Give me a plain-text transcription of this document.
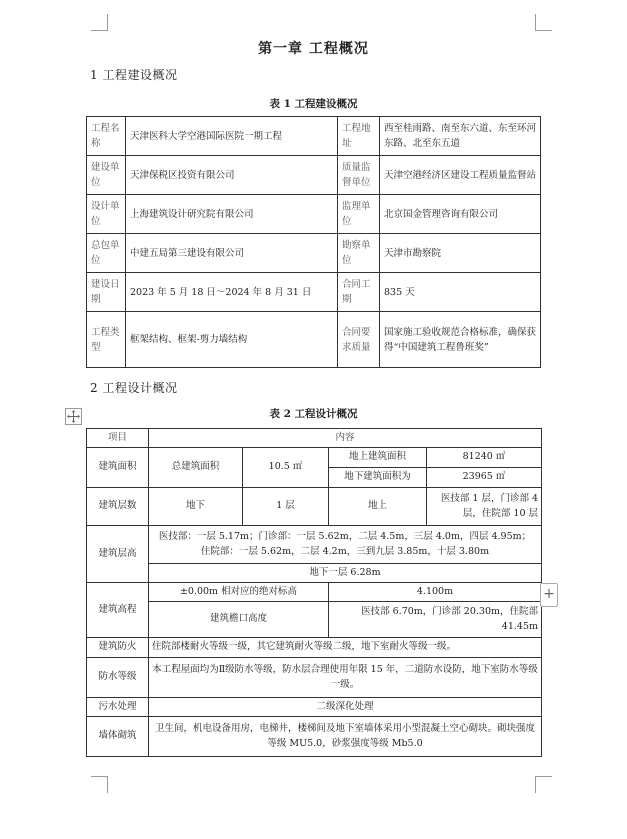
第一章 工程概况
1 工程建设概况
表 1 工程建设概况
工程名称	天津医科大学空港国际医院一期工程	工程地址	西至桂雨路、南至东六道、东至环河东路、北至东五道
建设单位	天津保税区投资有限公司	质量监督单位	天津空港经济区建设工程质量监督站
设计单位	上海建筑设计研究院有限公司	监理单位	北京国金管理咨询有限公司
总包单位	中建五局第三建设有限公司	勘察单位	天津市勘察院
建设日期	2023 年 5 月 18 日～2024 年 8 月 31 日	合同工期	835 天
工程类型	框架结构、框架-剪力墙结构	合同要求质量	国家施工验收规范合格标准，确保获得“中国建筑工程鲁班奖”
2 工程设计概况
表 2 工程设计概况
项目	内容			
建筑面积	总建筑面积	10.5 ㎡	地上建筑面积	81240 ㎡
			地下建筑面积为	23965 ㎡
建筑层数	地下	1 层	地上	医技部 1 层，门诊部 4 层，住院部 10 层
建筑层高	医技部：一层 5.17m；门诊部：一层 5.62m，二层 4.5m，三层 4.0m，四层 4.95m；
住院部：一层 5.62m，二层 4.2m，三到九层 3.85m，十层 3.80m			

	地下一层 6.28m			
建筑高程	±0.00m 相对应的绝对标高		4.100m	
	建筑檐口高度		医技部 6.70m，门诊部 20.30m，住院部 41.45m	
建筑防火	住院部楼耐火等级一级，其它建筑耐火等级二级，地下室耐火等级一级。			
防水等级	本工程屋面均为Ⅱ级防水等级，防水层合理使用年限 15 年，二道防水设防，地下室防水等级一级。			
污水处理	二级深化处理			
墙体砌筑	卫生间，机电设备用房，电梯井，楼梯间及地下室墙体采用小型混凝土空心砌块。砌块强度等级 MU5.0，砂浆强度等级 Mb5.0			
+
